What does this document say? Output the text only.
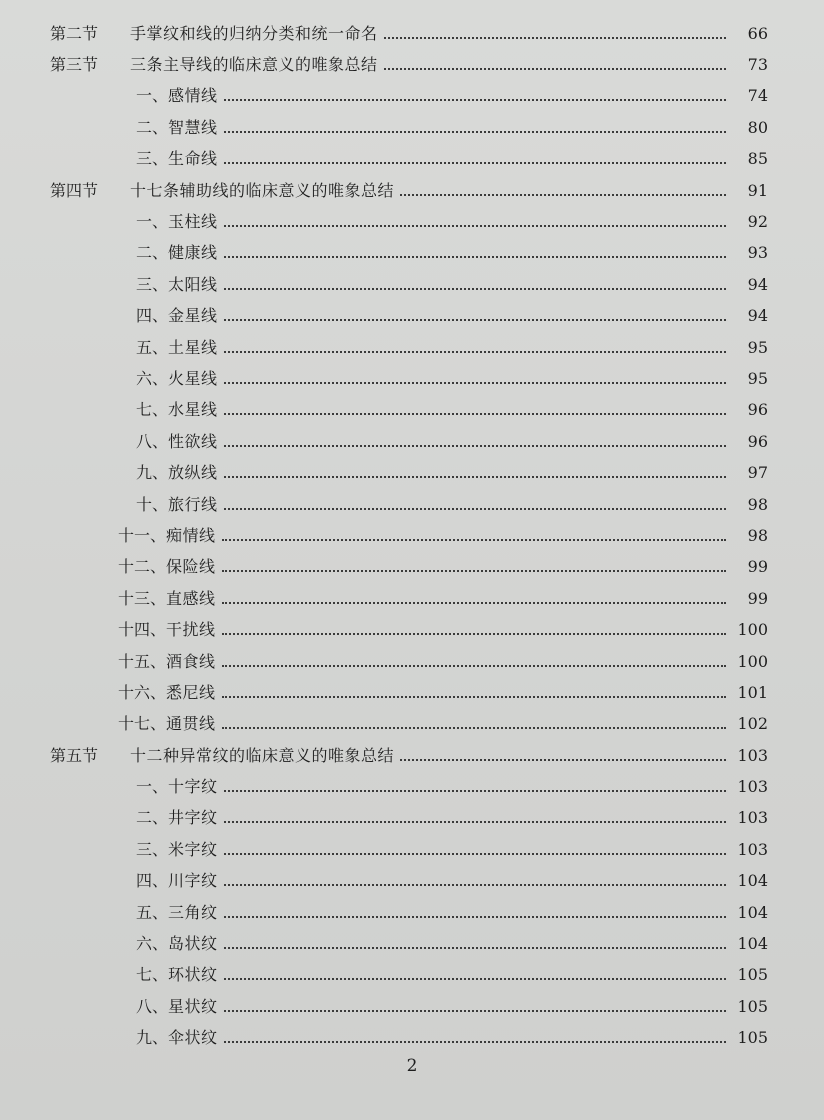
第二节	手掌纹和线的归纳分类和统一命名	66
第三节	三条主导线的临床意义的唯象总结	73
一、 感情线	74
二、 智慧线	80
三、 生命线	85
第四节	十七条辅助线的临床意义的唯象总结	91
一、 玉柱线	92
二、 健康线	93
三、 太阳线	94
四、 金星线	94
五、 土星线	95
六、 火星线	95
七、 水星线	96
八、 性欲线	96
九、 放纵线	97
十、 旅行线	98
十一、 痴情线	98
十二、 保险线	99
十三、 直感线	99
十四、 干扰线	100
十五、 酒食线	100
十六、 悉尼线	101
十七、 通贯线	102
第五节	十二种异常纹的临床意义的唯象总结	103
一、 十字纹	103
二、 井字纹	103
三、 米字纹	103
四、 川字纹	104
五、 三角纹	104
六、 岛状纹	104
七、 环状纹	105
八、 星状纹	105
九、 伞状纹	105
2
